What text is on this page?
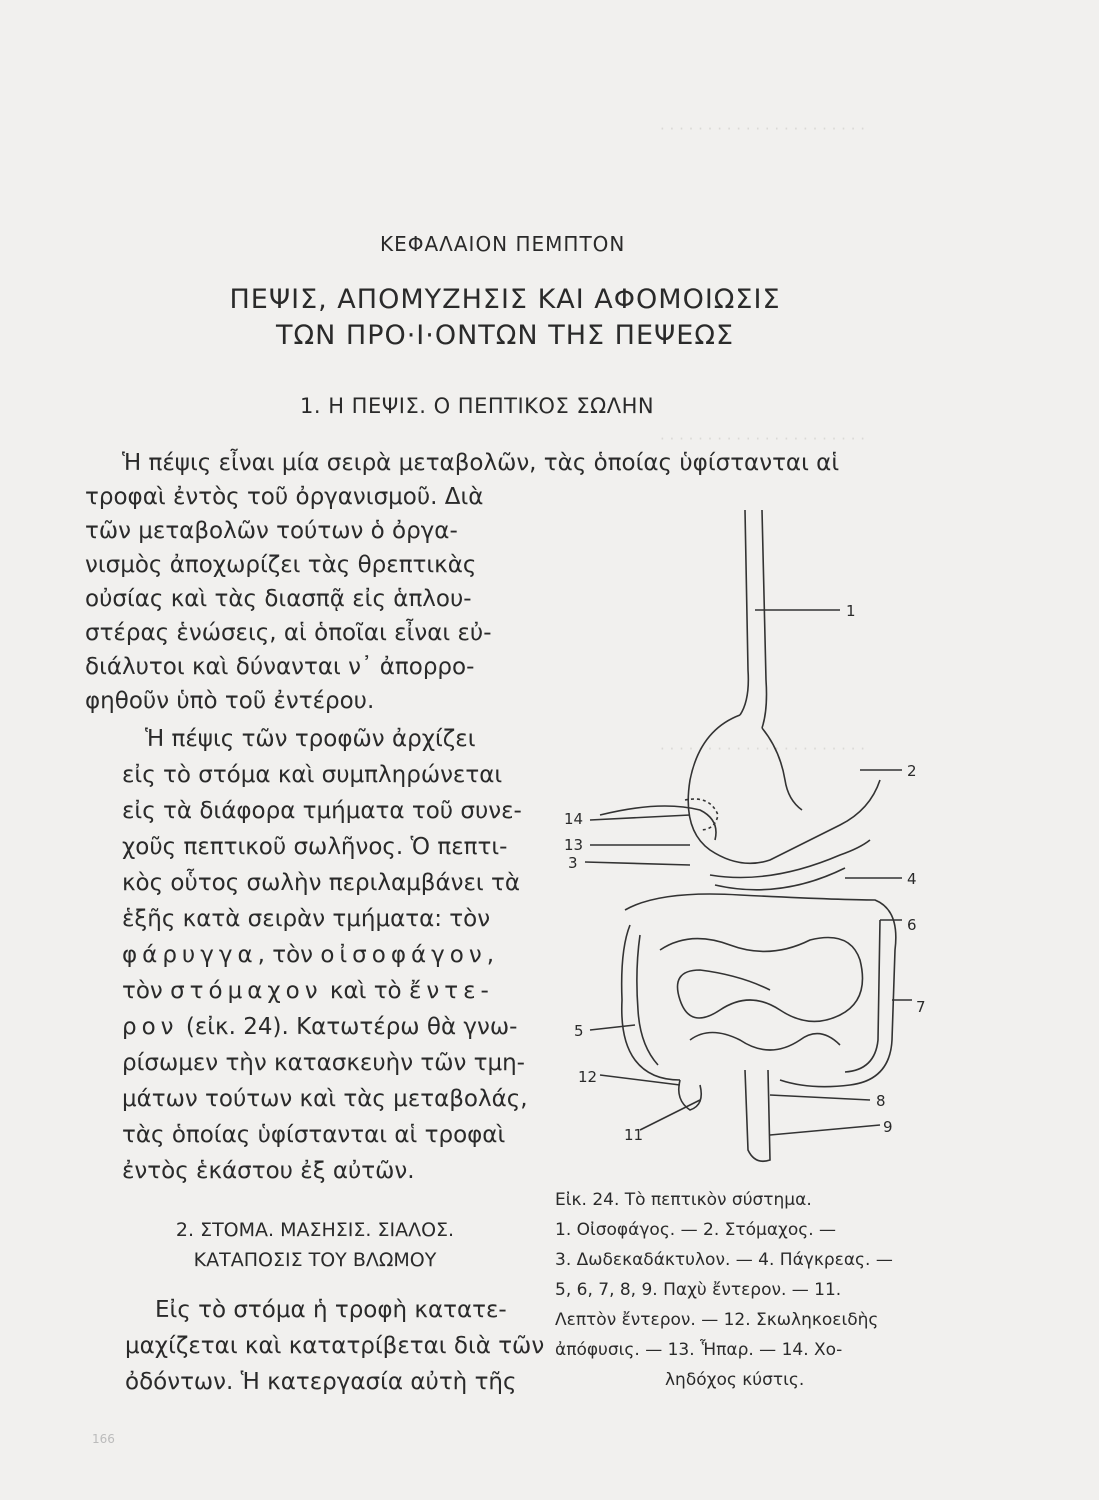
· · · · · · · · · · · · · · · · · · · · · ·
· · · · · · · · · · · · · · · · · · · · · ·
· · · · · · · · · · · · · · · · · · · · · ·
ΚΕΦΑΛΑΙΟΝ ΠΕΜΠΤΟΝ
ΠΕΨΙΣ, ΑΠΟΜΥΖΗΣΙΣ ΚΑΙ ΑΦΟΜΟΙΩΣΙΣ
ΤΩΝ ΠΡΟ·Ι·ΟΝΤΩΝ ΤΗΣ ΠΕΨΕΩΣ
1. Η ΠΕΨΙΣ. Ο ΠΕΠΤΙΚΟΣ ΣΩΛΗΝ
Ἡ πέψις εἶναι μία σειρὰ μεταβολῶν, τὰς ὁποίας ὑφίστανται αἱ
τροφαὶ ἐντὸς τοῦ ὀργανισμοῦ. Διὰ
τῶν μεταβολῶν τούτων ὁ ὀργα-
νισμὸς ἀποχωρίζει τὰς θρεπτικὰς
οὐσίας καὶ τὰς διασπᾷ εἰς ἁπλου-
στέρας ἑνώσεις, αἱ ὁποῖαι εἶναι εὐ-
διάλυτοι καὶ δύνανται ν᾿ ἀπορρο-
φηθοῦν ὑπὸ τοῦ ἐντέρου.
Ἡ πέψις τῶν τροφῶν ἀρχίζει
εἰς τὸ στόμα καὶ συμπληρώνεται
εἰς τὰ διάφορα τμήματα τοῦ συνε-
χοῦς πεπτικοῦ σωλῆνος. Ὁ πεπτι-
κὸς οὗτος σωλὴν περιλαμβάνει τὰ
ἑξῆς κατὰ σειρὰν τμήματα: τὸν
φάρυγγα, τὸν οἰσοφάγον,
τὸν στόμαχον καὶ τὸ ἔντε-
ρον (εἰκ. 24). Κατωτέρω θὰ γνω-
ρίσωμεν τὴν κατασκευὴν τῶν τμη-
μάτων τούτων καὶ τὰς μεταβολάς,
τὰς ὁποίας ὑφίστανται αἱ τροφαὶ
ἐντὸς ἑκάστου ἐξ αὐτῶν.
1
2
14
13
3
4
6
7
5
12
8
11	9
Εἰκ. 24. Τὸ πεπτικὸν σύστημα.
1. Οἰσοφάγος. — 2. Στόμαχος. —
3. Δωδεκαδάκτυλον. — 4. Πάγκρεας. —
5, 6, 7, 8, 9. Παχὺ ἔντερον. — 11.
Λεπτὸν ἔντερον. — 12. Σκωληκοειδὴς
ἀπόφυσις. — 13. Ἧπαρ. — 14. Χο-
ληδόχος κύστις.
2. ΣΤΟΜΑ. ΜΑΣΗΣΙΣ. ΣΙΑΛΟΣ.
ΚΑΤΑΠΟΣΙΣ ΤΟΥ ΒΛΩΜΟΥ
Εἰς τὸ στόμα ἡ τροφὴ κατατε-
μαχίζεται καὶ κατατρίβεται διὰ τῶν
ὀδόντων. Ἡ κατεργασία αὐτὴ τῆς
166
